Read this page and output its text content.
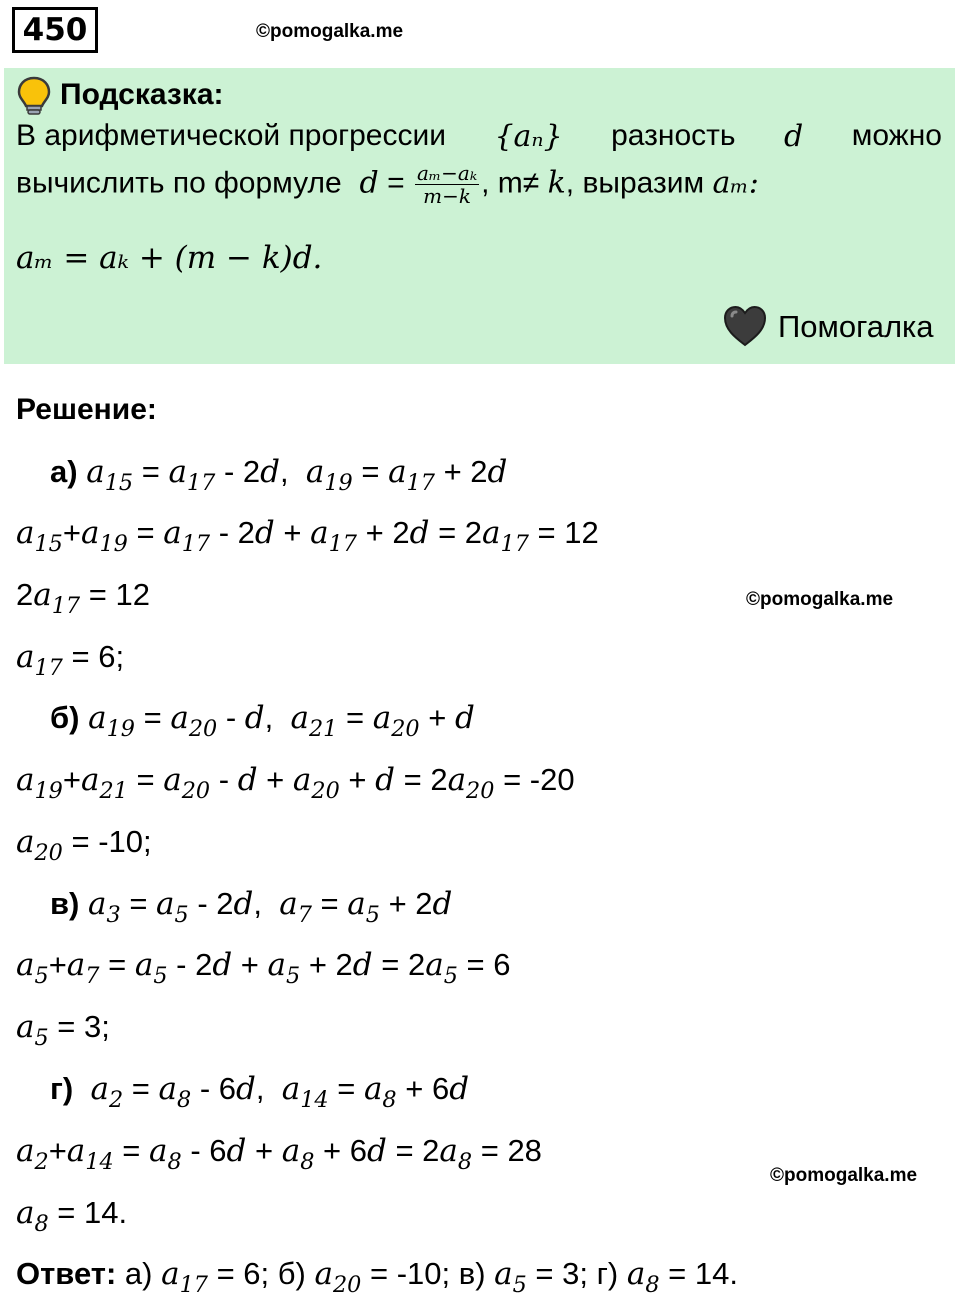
450	©pomogalka.me
Подсказка:
В арифметической прогрессии {aₙ} разность d можно
вычислить по формуле  $d = \frac{\text{aₘ−aₖ}}{m-k}$ , m≠ k, выразим aₘ:
aₘ = aₖ + (m − k)d.
Помогалка
Решение:
а) $a_{15} = a_{17} - 2d$,  $a_{19} = a_{17} + 2d$
$a_{15}+a_{19} = a_{17} - 2d + a_{17} + 2d = 2a_{17} = 12$
$2a_{17} = 12$	©pomogalka.me
$a_{17} = 6$;
б) $a_{19} = a_{20} - d$,  $a_{21} = a_{20} + d$
$a_{19}+a_{21} = a_{20} - d + a_{20} + d = 2a_{20} = -20$
$a_{20} = -10$;
в) $a_3 = a_5 - 2d$,  $a_7 = a_5 + 2d$
$a_5+a_7 = a_5 - 2d + a_5 + 2d = 2a_5 = 6$
$a_5 = 3$;
г) $a_2 = a_8 - 6d$,  $a_{14} = a_8 + 6d$
$a_2+a_{14} = a_8 - 6d + a_8 + 6d = 2a_8 = 28$
©pomogalka.me
$a_8 = 14$.
Ответ: а) $a_{17} = 6$; б) $a_{20} = -10$; в) $a_5 = 3$; г) $a_8 = 14$.
